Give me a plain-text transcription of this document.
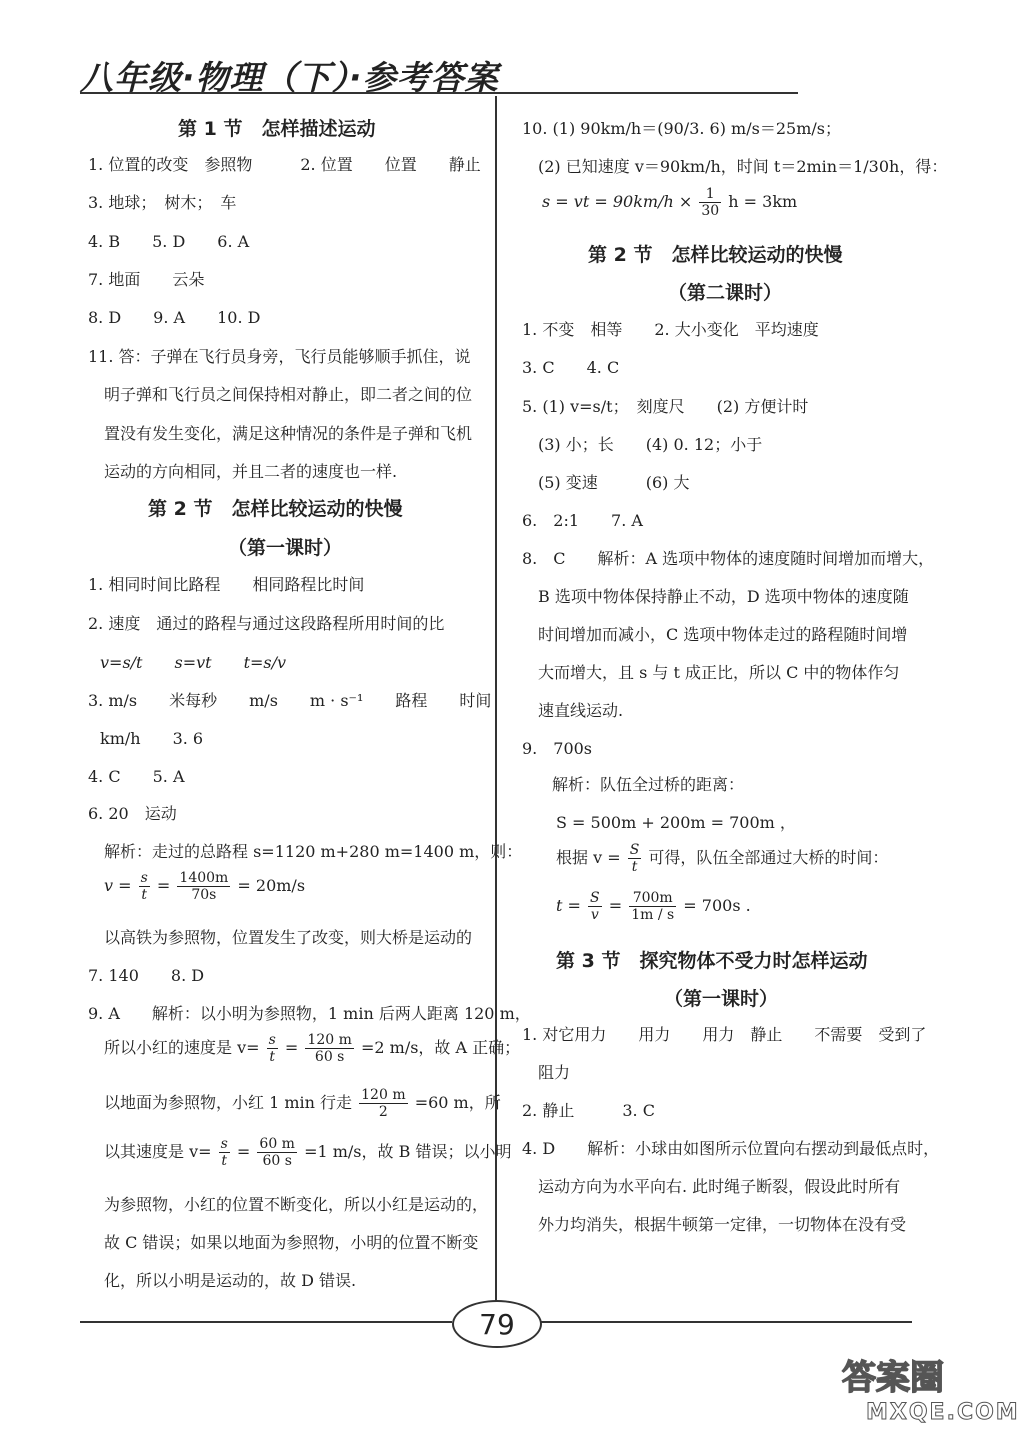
八年级·物理（下）·参考答案
第 1 节　怎样描述运动
1. 位置的改变　参照物　　　2. 位置　　位置　　静止
3. 地球；　树木；　车
4. B　　5. D　　6. A
7. 地面　　云朵
8. D　　9. A　　10. D
11. 答：子弹在飞行员身旁，飞行员能够顺手抓住，说
明子弹和飞行员之间保持相对静止，即二者之间的位
置没有发生变化，满足这种情况的条件是子弹和飞机
运动的方向相同，并且二者的速度也一样.
第 2 节　怎样比较运动的快慢
（第一课时）
1. 相同时间比路程　　相同路程比时间
2. 速度　通过的路程与通过这段路程所用时间的比
v=s/t　　s=vt　　t=s/v
3. m/s　　米每秒　　m/s　　m · s⁻¹　　路程　　时间
km/h　　3. 6
4. C　　5. A
6. 20　运动
解析：走过的总路程 s=1120 m+280 m=1400 m，则：
$v = \frac{s}{t} = \frac{1400m}{70s} = 20m/s$
以高铁为参照物，位置发生了改变，则大桥是运动的
7. 140　　8. D
9. A　　解析：以小明为参照物，1 min 后两人距离 120 m，
所以小红的速度是 $v= \frac{s}{t} = \frac{120 m}{60 s} =2$ m/s，故 A 正确；
以地面为参照物，小红 1 min 行走 $\frac{120 m}{2} =60$ m，所
以其速度是 $v= \frac{s}{t} = \frac{60 m}{60 s} =1$ m/s，故 B 错误；以小明
为参照物，小红的位置不断变化，所以小红是运动的，
故 C 错误；如果以地面为参照物，小明的位置不断变
化，所以小明是运动的，故 D 错误.
10. (1) 90km/h＝(90/3. 6) m/s＝25m/s；
(2) 已知速度 v＝90km/h，时间 t＝2min＝1/30h，得：
s = vt = $90km/h \times \frac{1}{30}$ h = 3km
第 2 节　怎样比较运动的快慢
（第二课时）
1. 不变　相等　　2. 大小变化　平均速度
3. C　　4. C
5. (1) v=s/t；　刻度尺　　(2) 方便计时
(3) 小；长　　(4) 0. 12；小于
(5) 变速　　　(6) 大
6.　2:1　　7. A
8.　C　　解析：A 选项中物体的速度随时间增加而增大，
B 选项中物体保持静止不动，D 选项中物体的速度随
时间增加而减小，C 选项中物体走过的路程随时间增
大而增大，且 s 与 t 成正比，所以 C 中的物体作匀
速直线运动.
9.　700s
解析：队伍全过桥的距离：
S = 500m + 200m = 700m ，
根据 $v = \frac{S}{t}$ 可得，队伍全部通过大桥的时间：
$t = \frac{S}{v} = \frac{700m}{1m / s} = 700s$ .
第 3 节　探究物体不受力时怎样运动
（第一课时）
1. 对它用力　　用力　　用力　静止　　不需要　受到了
阻力
2. 静止　　　3. C
4. D　　解析：小球由如图所示位置向右摆动到最低点时，
运动方向为水平向右. 此时绳子断裂，假设此时所有
外力均消失，根据牛顿第一定律，一切物体在没有受
79
答案圈
MXQE.COM
